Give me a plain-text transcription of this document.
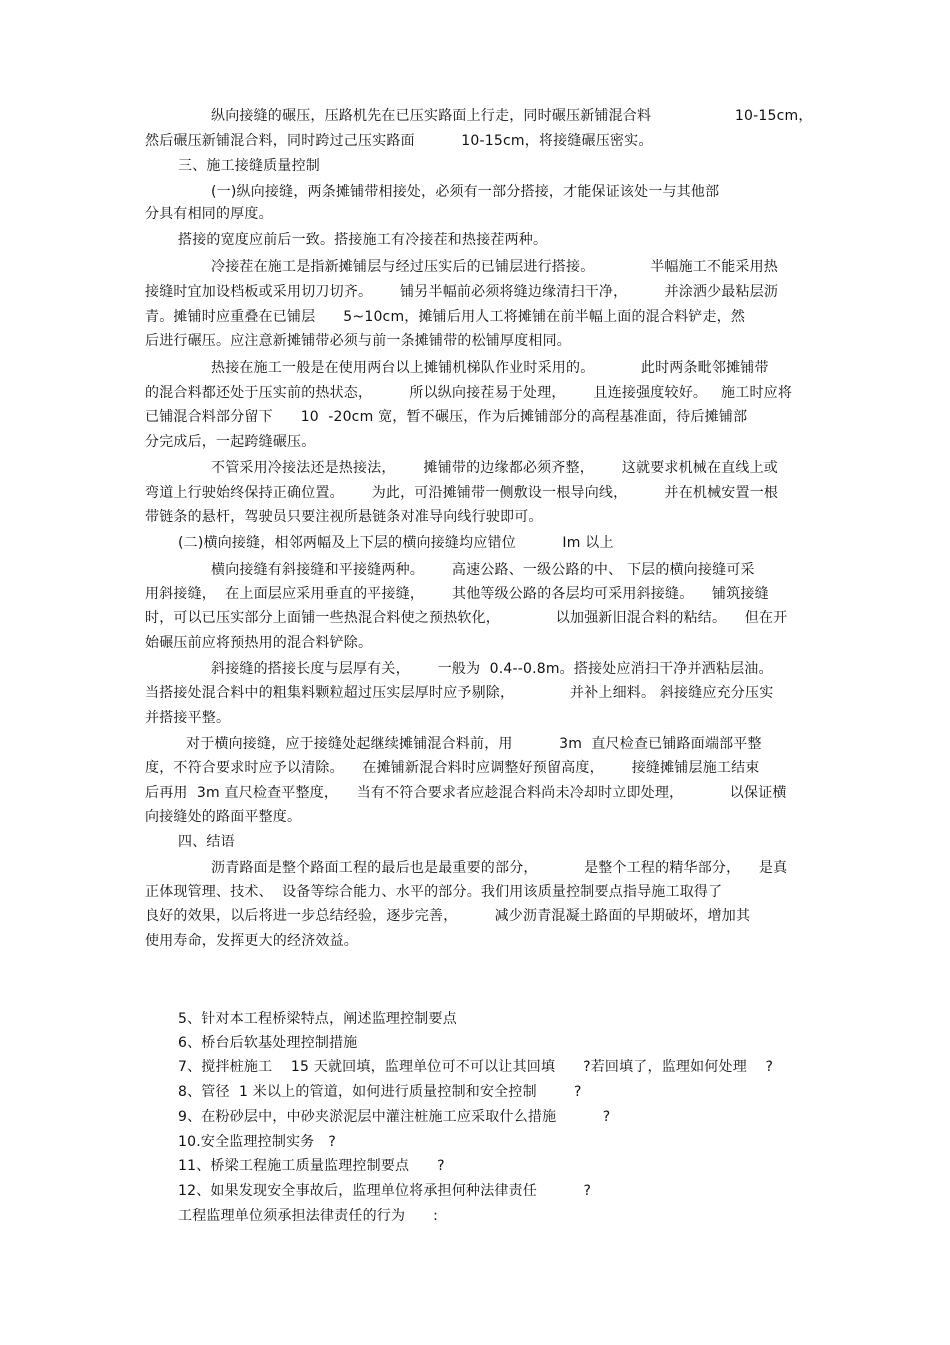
纵向接缝的碾压，压路机先在已压实路面上行走，同时碾压新铺混合料                  10-15cm，
然后碾压新铺混合料，同时跨过己压实路面          10-15cm，将接缝碾压密实。
三、施工接缝质量控制
(一)纵向接缝，两条摊铺带相接处，必须有一部分搭接，才能保证该处一与其他部
分具有相同的厚度。
搭接的宽度应前后一致。搭接施工有冷接茬和热接茬两种。
冷接茬在施工是指新摊铺层与经过压实后的已铺层进行搭接。            半幅施工不能采用热
接缝时宜加设档板或采用切刀切齐。      铺另半幅前必须将缝边缘清扫干净，        并涂洒少最粘层沥
青。摊铺时应重叠在已铺层      5~10cm，摊铺后用人工将摊铺在前半幅上面的混合料铲走，然
后进行碾压。应注意新摊铺带必须与前一条摊铺带的松铺厚度相同。
热接在施工一般是在使用两台以上摊铺机梯队作业时采用的。          此时两条毗邻摊铺带
的混合料都还处于压实前的热状态，        所以纵向接茬易于处理，      且连接强度较好。   施工时应将
已铺混合料部分留下      10  -20cm 宽，暂不碾压，作为后摊铺部分的高程基准面，待后摊铺部
分完成后，一起跨缝碾压。
不管采用冷接法还是热接法，      摊铺带的边缘都必须齐整，      这就要求机械在直线上或
弯道上行驶始终保持正确位置。      为此，可沿摊铺带一侧敷设一根导向线，        并在机械安置一根
带链条的悬杆，驾驶员只要注视所悬链条对准导向线行驶即可。
(二)横向接缝，相邻两幅及上下层的横向接缝均应错位          Im 以上
横向接缝有斜接缝和平接缝两种。      高速公路、一级公路的中、 下层的横向接缝可采
用斜接缝，  在上面层应采用垂直的平接缝，      其他等级公路的各层均可采用斜接缝。    铺筑接缝
时，可以已压实部分上面铺一些热混合料使之预热软化，            以加强新旧混合料的粘结。    但在开
始碾压前应将预热用的混合料铲除。
斜接缝的搭接长度与层厚有关，      一般为  0.4--0.8m。搭接处应消扫干净并洒粘层油。
当搭接处混合料中的粗集料颗粒超过压实层厚时应予剔除，            并补上细料。 斜接缝应充分压实
并搭接平整。
对于横向接缝，应于接缝处起继续摊铺混合料前，用          3m  直尺检查已铺路面端部平整
度，不符合要求时应予以清除。    在摊铺新混合料时应调整好预留高度，      接缝摊铺层施工结束
后再用  3m 直尺检查平整度，    当有不符合要求者应趁混合料尚未冷却时立即处理，          以保证横
向接缝处的路面平整度。
四、结语
沥青路面是整个路面工程的最后也是最重要的部分，          是整个工程的精华部分，    是真
正体现管理、技术、  设备等综合能力、水平的部分。我们用该质量控制要点指导施工取得了
良好的效果，以后将进一步总结经验，逐步完善，        减少沥青混凝土路面的早期破坏，增加其
使用寿命，发挥更大的经济效益。
5、针对本工程桥梁特点，阐述监理控制要点
6、桥台后软基处理控制措施
7、搅拌桩施工    15 天就回填，监理单位可不可以让其回填      ?若回填了，监理如何处理    ?
8、管径  1 米以上的管道，如何进行质量控制和安全控制        ?
9、在粉砂层中，中砂夹淤泥层中灌注桩施工应采取什么措施          ?
10.安全监理控制实务   ?
11、桥梁工程施工质量监理控制要点      ?
12、如果发现安全事故后，监理单位将承担何种法律责任          ?
工程监理单位须承担法律责任的行为      :
